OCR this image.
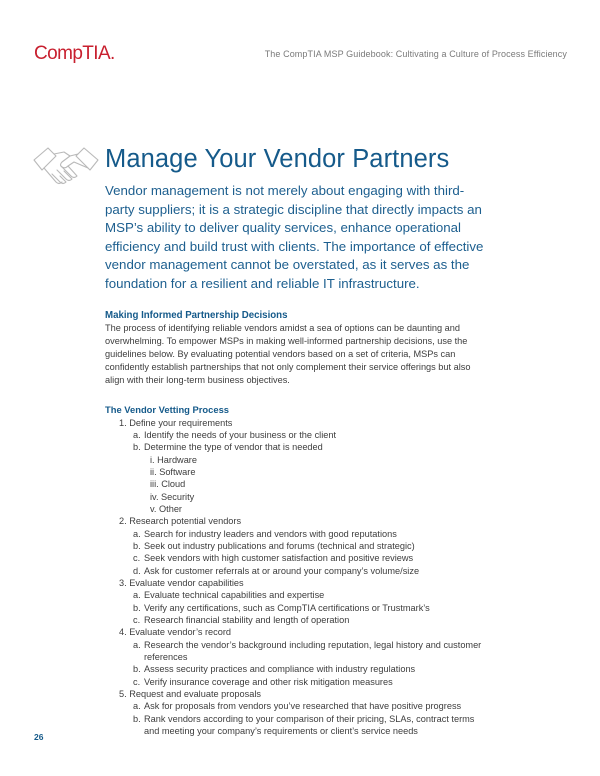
CompTIA.	The CompTIA MSP Guidebook: Cultivating a Culture of Process Efficiency
Manage Your Vendor Partners

Vendor management is not merely about engaging with third-party suppliers; it is a strategic discipline that directly impacts an MSP’s ability to deliver quality services, enhance operational efficiency and build trust with clients. The importance of effective vendor management cannot be overstated, as it serves as the foundation for a resilient and reliable IT infrastructure.

Making Informed Partnership Decisions

The process of identifying reliable vendors amidst a sea of options can be daunting and overwhelming. To empower MSPs in making well-informed partnership decisions, use the guidelines below. By evaluating potential vendors based on a set of criteria, MSPs can confidently establish partnerships that not only complement their service offerings but also align with their long-term business objectives.

The Vendor Vetting Process

1. Define your requirements
a. Identify the needs of your business or the client
b. Determine the type of vendor that is needed
i. Hardware
ii. Software
iii. Cloud
iv. Security
v. Other
2. Research potential vendors
a. Search for industry leaders and vendors with good reputations
b. Seek out industry publications and forums (technical and strategic)
c. Seek vendors with high customer satisfaction and positive reviews
d. Ask for customer referrals at or around your company’s volume/size
3. Evaluate vendor capabilities
a. Evaluate technical capabilities and expertise
b. Verify any certifications, such as CompTIA certifications or Trustmark’s
c. Research financial stability and length of operation
4. Evaluate vendor’s record
a. Research the vendor’s background including reputation, legal history and customer references
b. Assess security practices and compliance with industry regulations
c. Verify insurance coverage and other risk mitigation measures
5. Request and evaluate proposals
a. Ask for proposals from vendors you’ve researched that have positive progress
b. Rank vendors according to your comparison of their pricing, SLAs, contract terms and meeting your company’s requirements or client’s service needs
26
